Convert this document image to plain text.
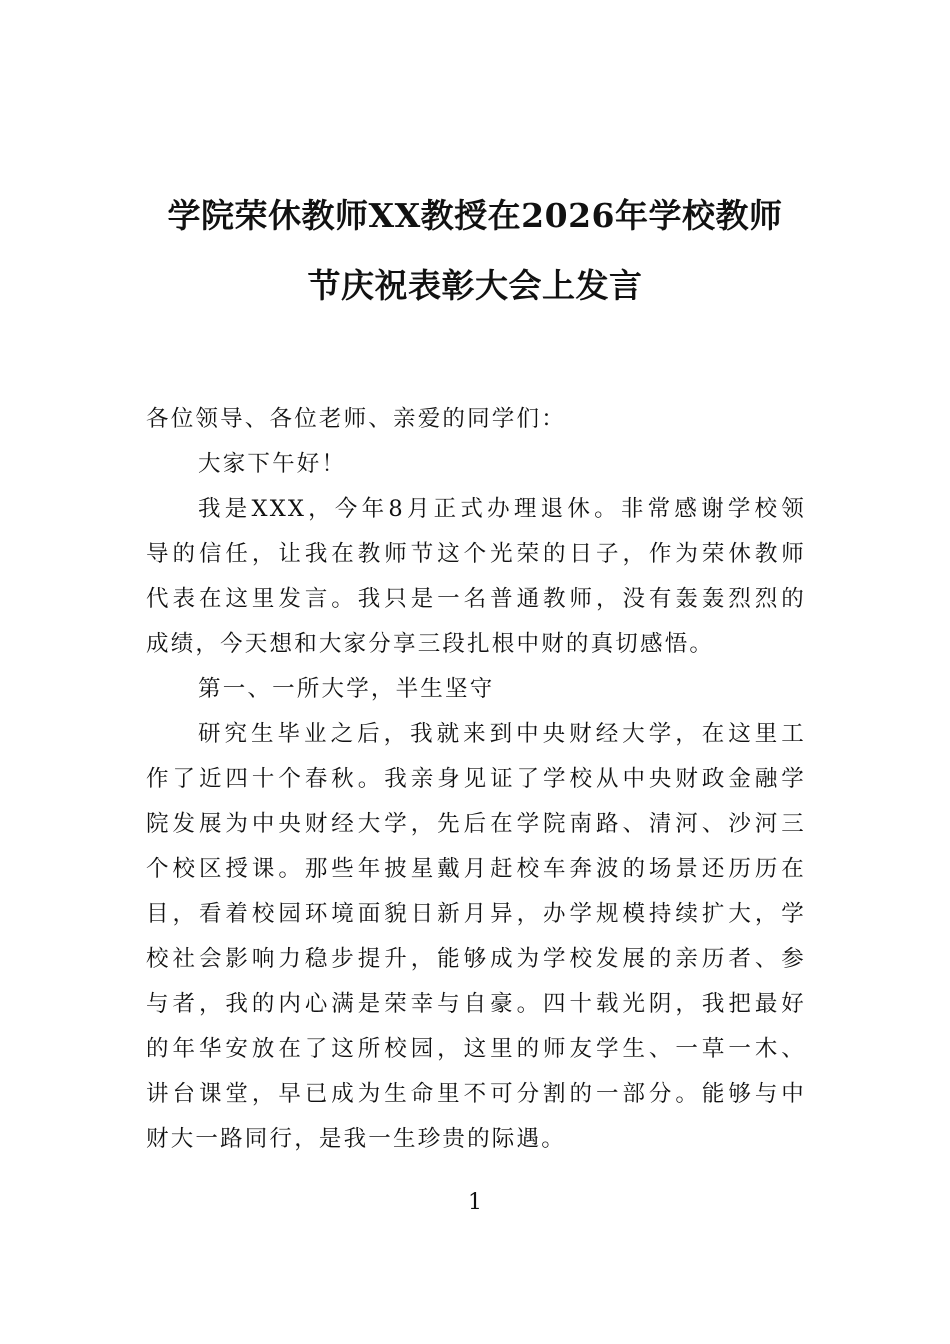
学院荣休教师XX教授在2026年学校教师
节庆祝表彰大会上发言
各位领导、各位老师、亲爱的同学们：
大家下午好！
我是XXX，今年8月正式办理退休。非常感谢学校领
导的信任，让我在教师节这个光荣的日子，作为荣休教师
代表在这里发言。我只是一名普通教师，没有轰轰烈烈的
成绩，今天想和大家分享三段扎根中财的真切感悟。
第一、一所大学，半生坚守
研究生毕业之后，我就来到中央财经大学，在这里工
作了近四十个春秋。我亲身见证了学校从中央财政金融学
院发展为中央财经大学，先后在学院南路、清河、沙河三
个校区授课。那些年披星戴月赶校车奔波的场景还历历在
目，看着校园环境面貌日新月异，办学规模持续扩大，学
校社会影响力稳步提升，能够成为学校发展的亲历者、参
与者，我的内心满是荣幸与自豪。四十载光阴，我把最好
的年华安放在了这所校园，这里的师友学生、一草一木、
讲台课堂，早已成为生命里不可分割的一部分。能够与中
财大一路同行，是我一生珍贵的际遇。
1
